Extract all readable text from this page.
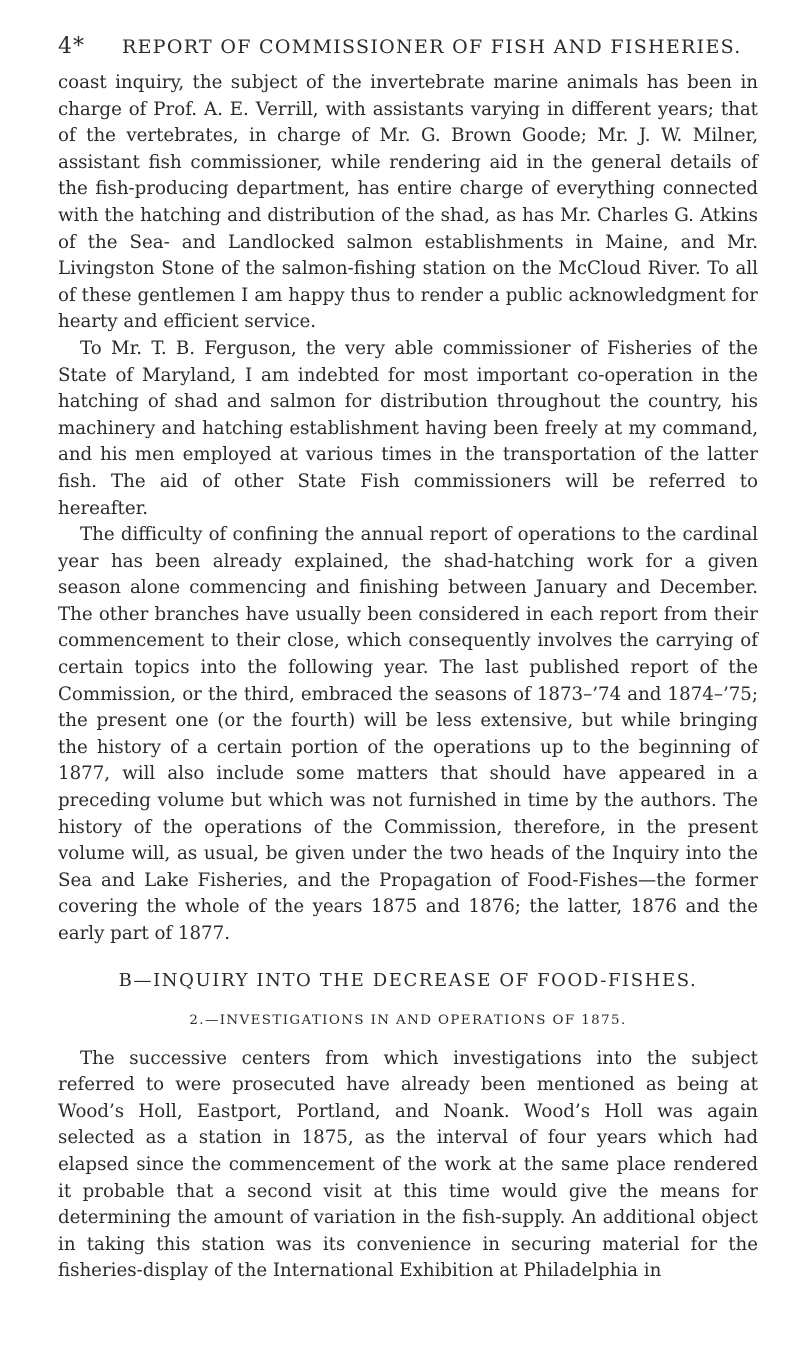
4* REPORT OF COMMISSIONER OF FISH AND FISHERIES.

coast inquiry, the subject of the invertebrate marine animals has been in charge of Prof. A. E. Verrill, with assistants varying in different years; that of the vertebrates, in charge of Mr. G. Brown Goode; Mr. J. W. Milner, assistant fish commissioner, while rendering aid in the general details of the fish-producing department, has entire charge of everything connected with the hatching and distribution of the shad, as has Mr. Charles G. Atkins of the Sea- and Landlocked salmon establishments in Maine, and Mr. Livingston Stone of the salmon-fishing station on the McCloud River. To all of these gentlemen I am happy thus to render a public acknowledgment for hearty and efficient service.

To Mr. T. B. Ferguson, the very able commissioner of Fisheries of the State of Maryland, I am indebted for most important co-operation in the hatching of shad and salmon for distribution throughout the country, his machinery and hatching establishment having been freely at my command, and his men employed at various times in the transportation of the latter fish. The aid of other State Fish commissioners will be referred to hereafter.

The difficulty of confining the annual report of operations to the cardinal year has been already explained, the shad-hatching work for a given season alone commencing and finishing between January and December. The other branches have usually been considered in each report from their commencement to their close, which consequently involves the carrying of certain topics into the following year. The last published report of the Commission, or the third, embraced the seasons of 1873–’74 and 1874–’75; the present one (or the fourth) will be less extensive, but while bringing the history of a certain portion of the operations up to the beginning of 1877, will also include some matters that should have appeared in a preceding volume but which was not furnished in time by the authors. The history of the operations of the Commission, therefore, in the present volume will, as usual, be given under the two heads of the Inquiry into the Sea and Lake Fisheries, and the Propagation of Food-Fishes—the former covering the whole of the years 1875 and 1876; the latter, 1876 and the early part of 1877.

B—INQUIRY INTO THE DECREASE OF FOOD-FISHES.
2.—INVESTIGATIONS IN AND OPERATIONS OF 1875.

The successive centers from which investigations into the subject referred to were prosecuted have already been mentioned as being at Wood’s Holl, Eastport, Portland, and Noank. Wood’s Holl was again selected as a station in 1875, as the interval of four years which had elapsed since the commencement of the work at the same place rendered it probable that a second visit at this time would give the means for determining the amount of variation in the fish-supply. An additional object in taking this station was its convenience in securing material for the fisheries-display of the International Exhibition at Philadelphia in
